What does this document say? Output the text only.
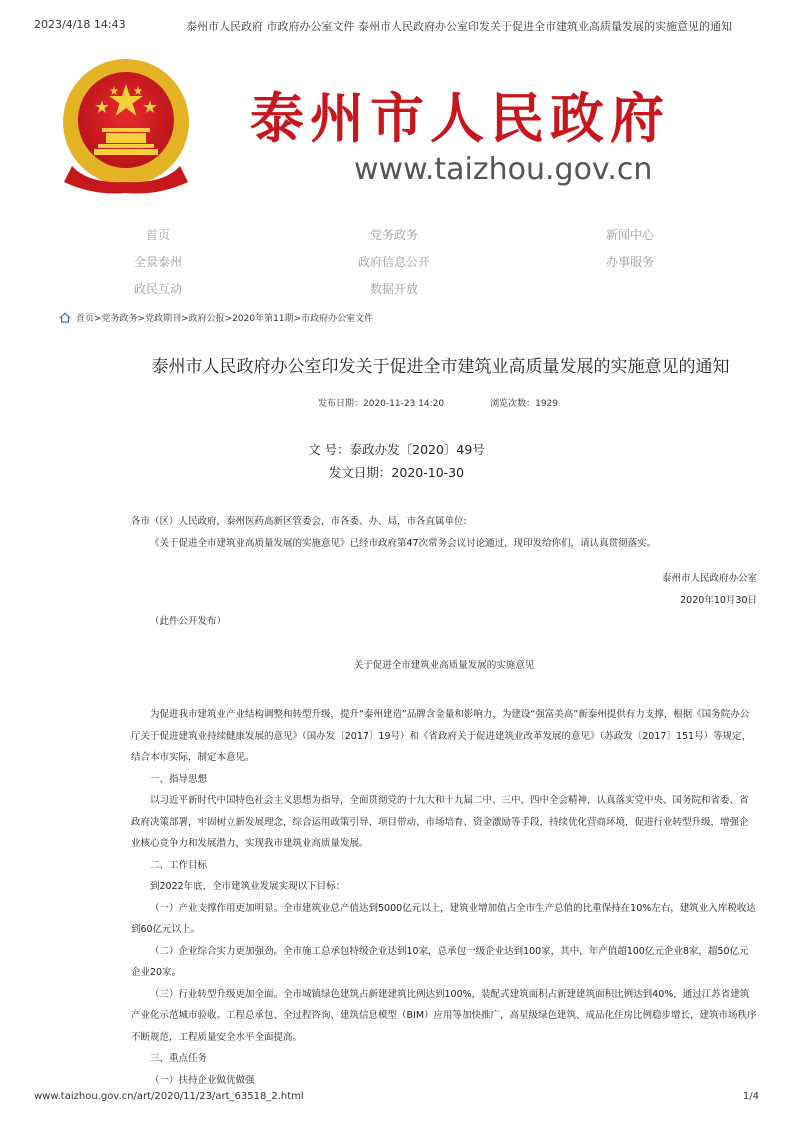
2023/4/18 14:43	泰州市人民政府 市政府办公室文件 泰州市人民政府办公室印发关于促进全市建筑业高质量发展的实施意见的通知
泰州市人民政府
www.taizhou.gov.cn
首页	党务政务	新闻中心
全景泰州	政府信息公开	办事服务
政民互动	数据开放
首页>党务政务>党政期刊>政府公报>2020年第11期>市政府办公室文件
泰州市人民政府办公室印发关于促进全市建筑业高质量发展的实施意见的通知
发布日期：2020-11-23 14:20	浏览次数：1929
文 号：泰政办发〔2020〕49号
发文日期：2020-10-30

各市（区）人民政府，泰州医药高新区管委会，市各委、办、局，市各直属单位:

《关于促进全市建筑业高质量发展的实施意见》已经市政府第47次常务会议讨论通过，现印发给你们，请认真贯彻落实。

泰州市人民政府办公室

2020年10月30日

（此件公开发布）

关于促进全市建筑业高质量发展的实施意见

为促进我市建筑业产业结构调整和转型升级，提升“泰州建造”品牌含金量和影响力，为建设“强富美高”新泰州提供有力支撑，根据《国务院办公厅关于促进建筑业持续健康发展的意见》（国办发〔2017〕19号）和《省政府关于促进建筑业改革发展的意见》（苏政发〔2017〕151号）等规定，结合本市实际，制定本意见。

一、指导思想

以习近平新时代中国特色社会主义思想为指导，全面贯彻党的十九大和十九届二中、三中、四中全会精神，认真落实党中央、国务院和省委、省政府决策部署，牢固树立新发展理念，综合运用政策引导、项目带动、市场培育、资金激励等手段，持续优化营商环境，促进行业转型升级，增强企业核心竞争力和发展潜力，实现我市建筑业高质量发展。

二、工作目标

到2022年底，全市建筑业发展实现以下目标：

（一）产业支撑作用更加明显。全市建筑业总产值达到5000亿元以上，建筑业增加值占全市生产总值的比重保持在10%左右，建筑业入库税收达到60亿元以上。

（二）企业综合实力更加强劲。全市施工总承包特级企业达到10家，总承包一级企业达到100家，其中，年产值超100亿元企业8家，超50亿元企业20家。

（三）行业转型升级更加全面。全市城镇绿色建筑占新建建筑比例达到100%，装配式建筑面积占新建建筑面积比例达到40%，通过江苏省建筑产业化示范城市验收。工程总承包、全过程咨询、建筑信息模型（BIM）应用等加快推广，高星级绿色建筑、成品化住房比例稳步增长，建筑市场秩序不断规范，工程质量安全水平全面提高。

三、重点任务

（一）扶持企业做优做强

www.taizhou.gov.cn/art/2020/11/23/art_63518_2.html	1/4
